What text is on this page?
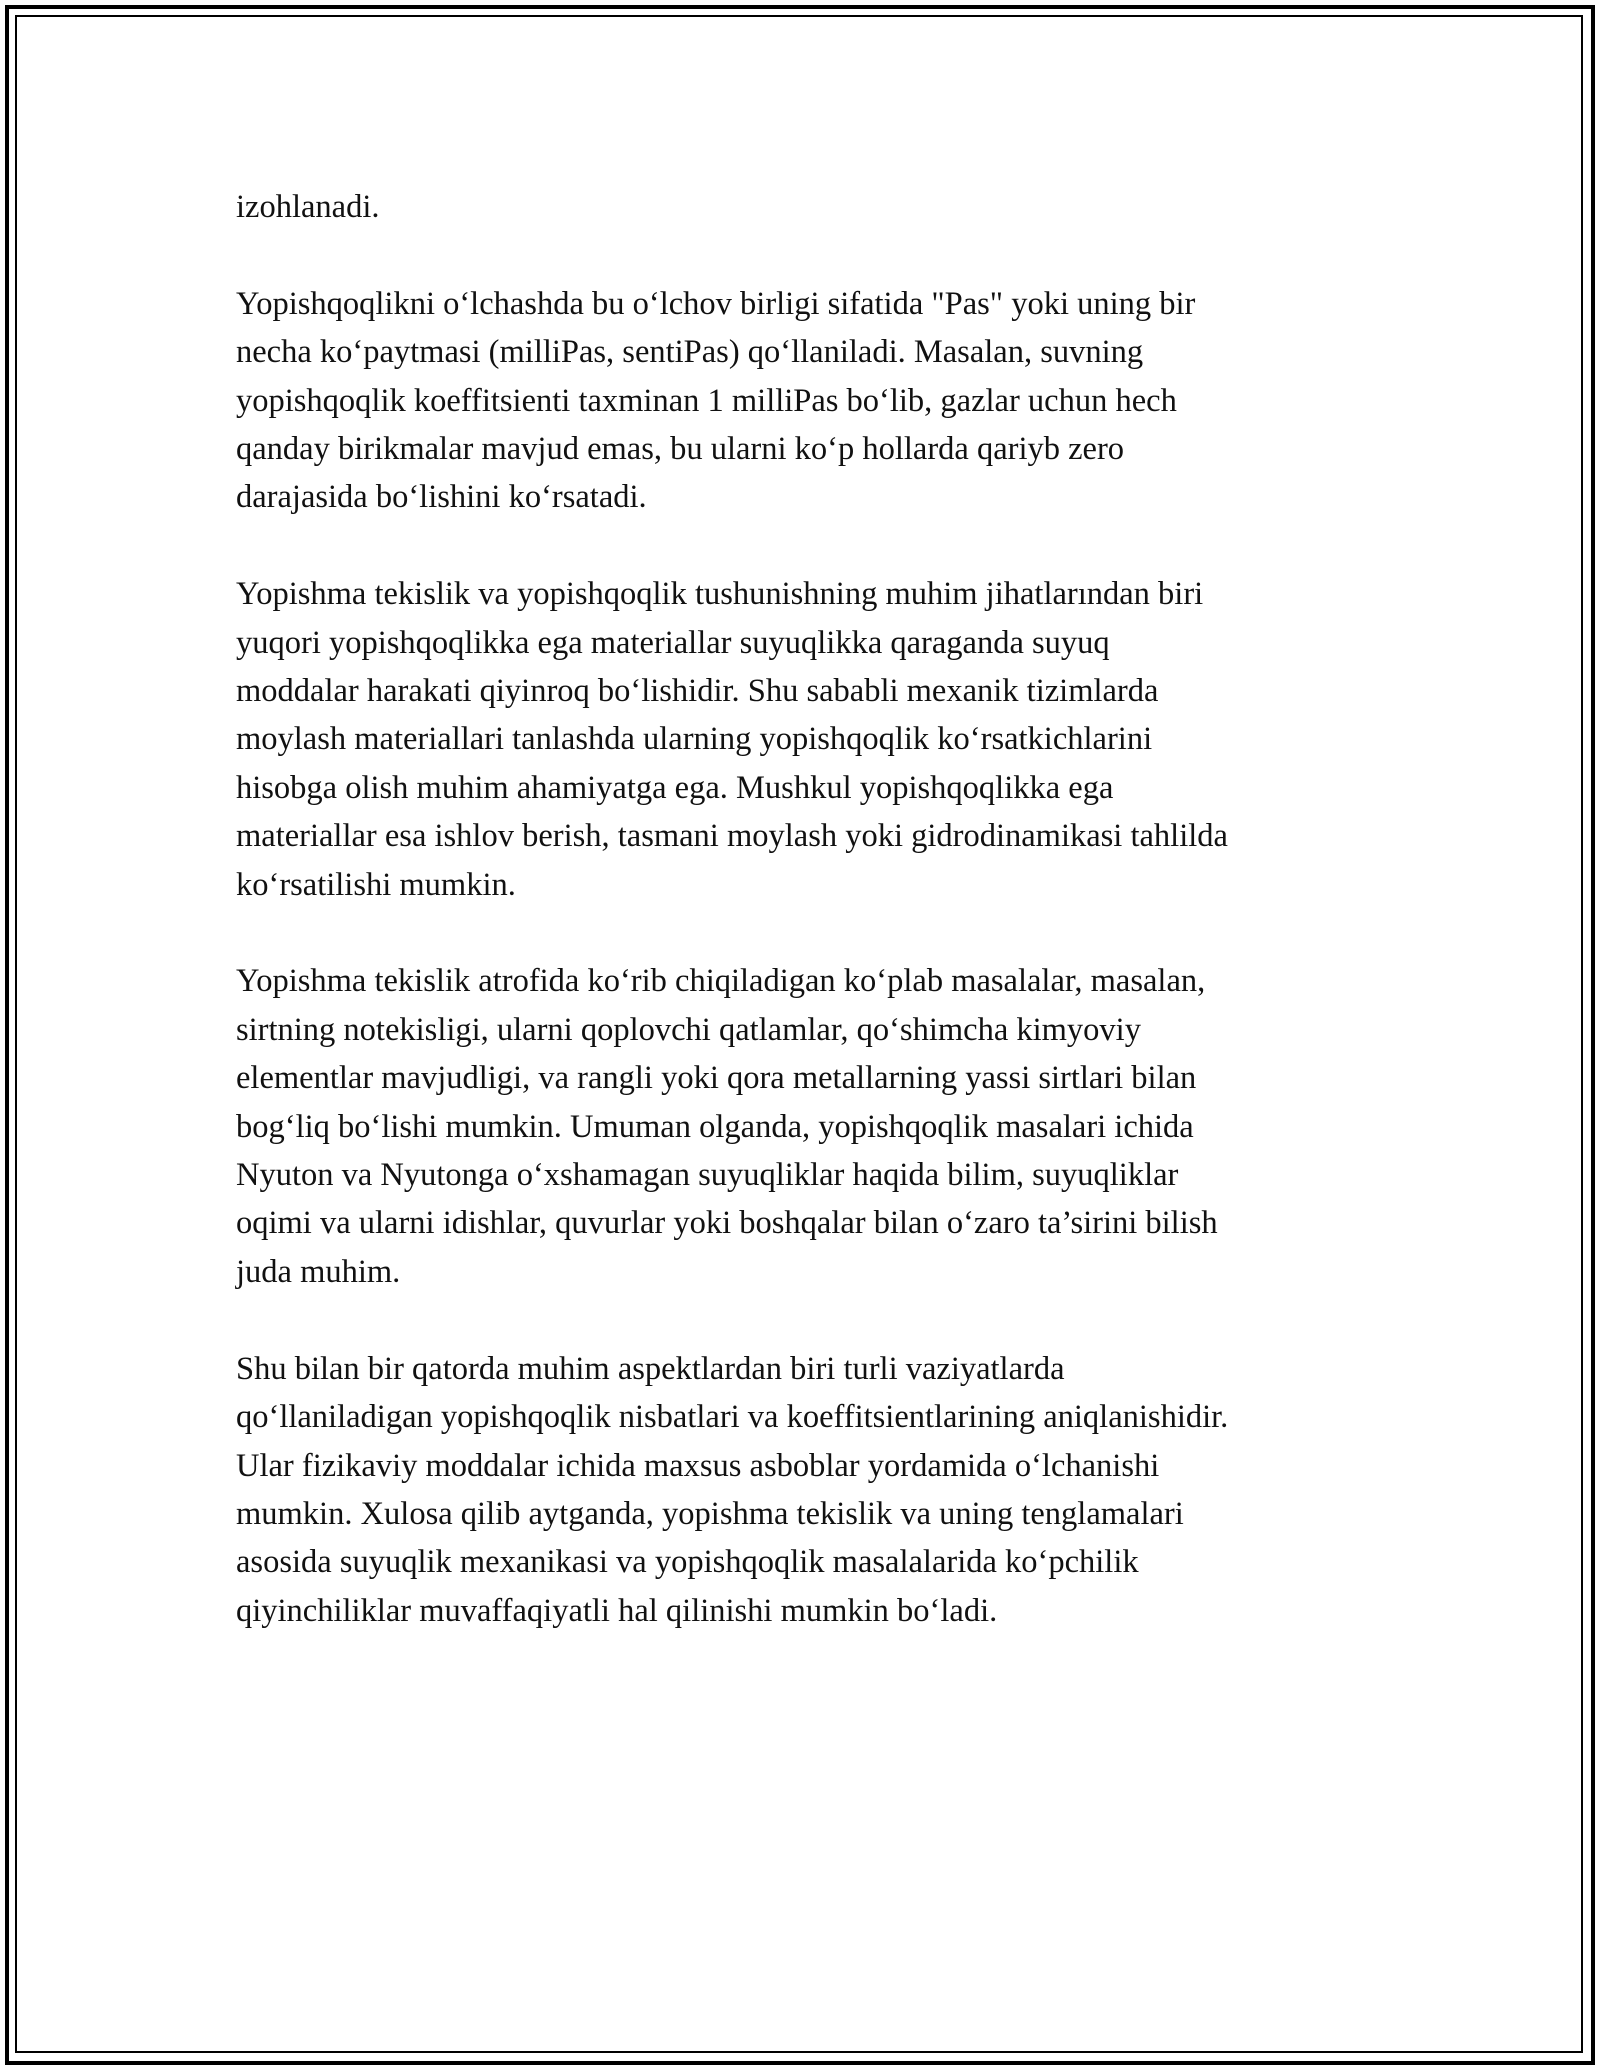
izohlanadi.

Yopishqoqlikni o‘lchashda bu o‘lchov birligi sifatida "Pas" yoki uning bir
necha ko‘paytmasi (milliPas, sentiPas) qo‘llaniladi. Masalan, suvning
yopishqoqlik koeffitsienti taxminan 1 milliPas bo‘lib, gazlar uchun hech
qanday birikmalar mavjud emas, bu ularni ko‘p hollarda qariyb zero
darajasida bo‘lishini ko‘rsatadi.

Yopishma tekislik va yopishqoqlik tushunishning muhim jihatlarından biri
yuqori yopishqoqlikka ega materiallar suyuqlikka qaraganda suyuq
moddalar harakati qiyinroq bo‘lishidir. Shu sababli mexanik tizimlarda
moylash materiallari tanlashda ularning yopishqoqlik ko‘rsatkichlarini
hisobga olish muhim ahamiyatga ega. Mushkul yopishqoqlikka ega
materiallar esa ishlov berish, tasmani moylash yoki gidrodinamikasi tahlilda
ko‘rsatilishi mumkin.

Yopishma tekislik atrofida ko‘rib chiqiladigan ko‘plab masalalar, masalan,
sirtning notekisligi, ularni qoplovchi qatlamlar, qo‘shimcha kimyoviy
elementlar mavjudligi, va rangli yoki qora metallarning yassi sirtlari bilan
bog‘liq bo‘lishi mumkin. Umuman olganda, yopishqoqlik masalari ichida
Nyuton va Nyutonga o‘xshamagan suyuqliklar haqida bilim, suyuqliklar
oqimi va ularni idishlar, quvurlar yoki boshqalar bilan o‘zaro ta’sirini bilish
juda muhim.

Shu bilan bir qatorda muhim aspektlardan biri turli vaziyatlarda
qo‘llaniladigan yopishqoqlik nisbatlari va koeffitsientlarining aniqlanishidir.
Ular fizikaviy moddalar ichida maxsus asboblar yordamida o‘lchanishi
mumkin. Xulosa qilib aytganda, yopishma tekislik va uning tenglamalari
asosida suyuqlik mexanikasi va yopishqoqlik masalalarida ko‘pchilik
qiyinchiliklar muvaffaqiyatli hal qilinishi mumkin bo‘ladi.
